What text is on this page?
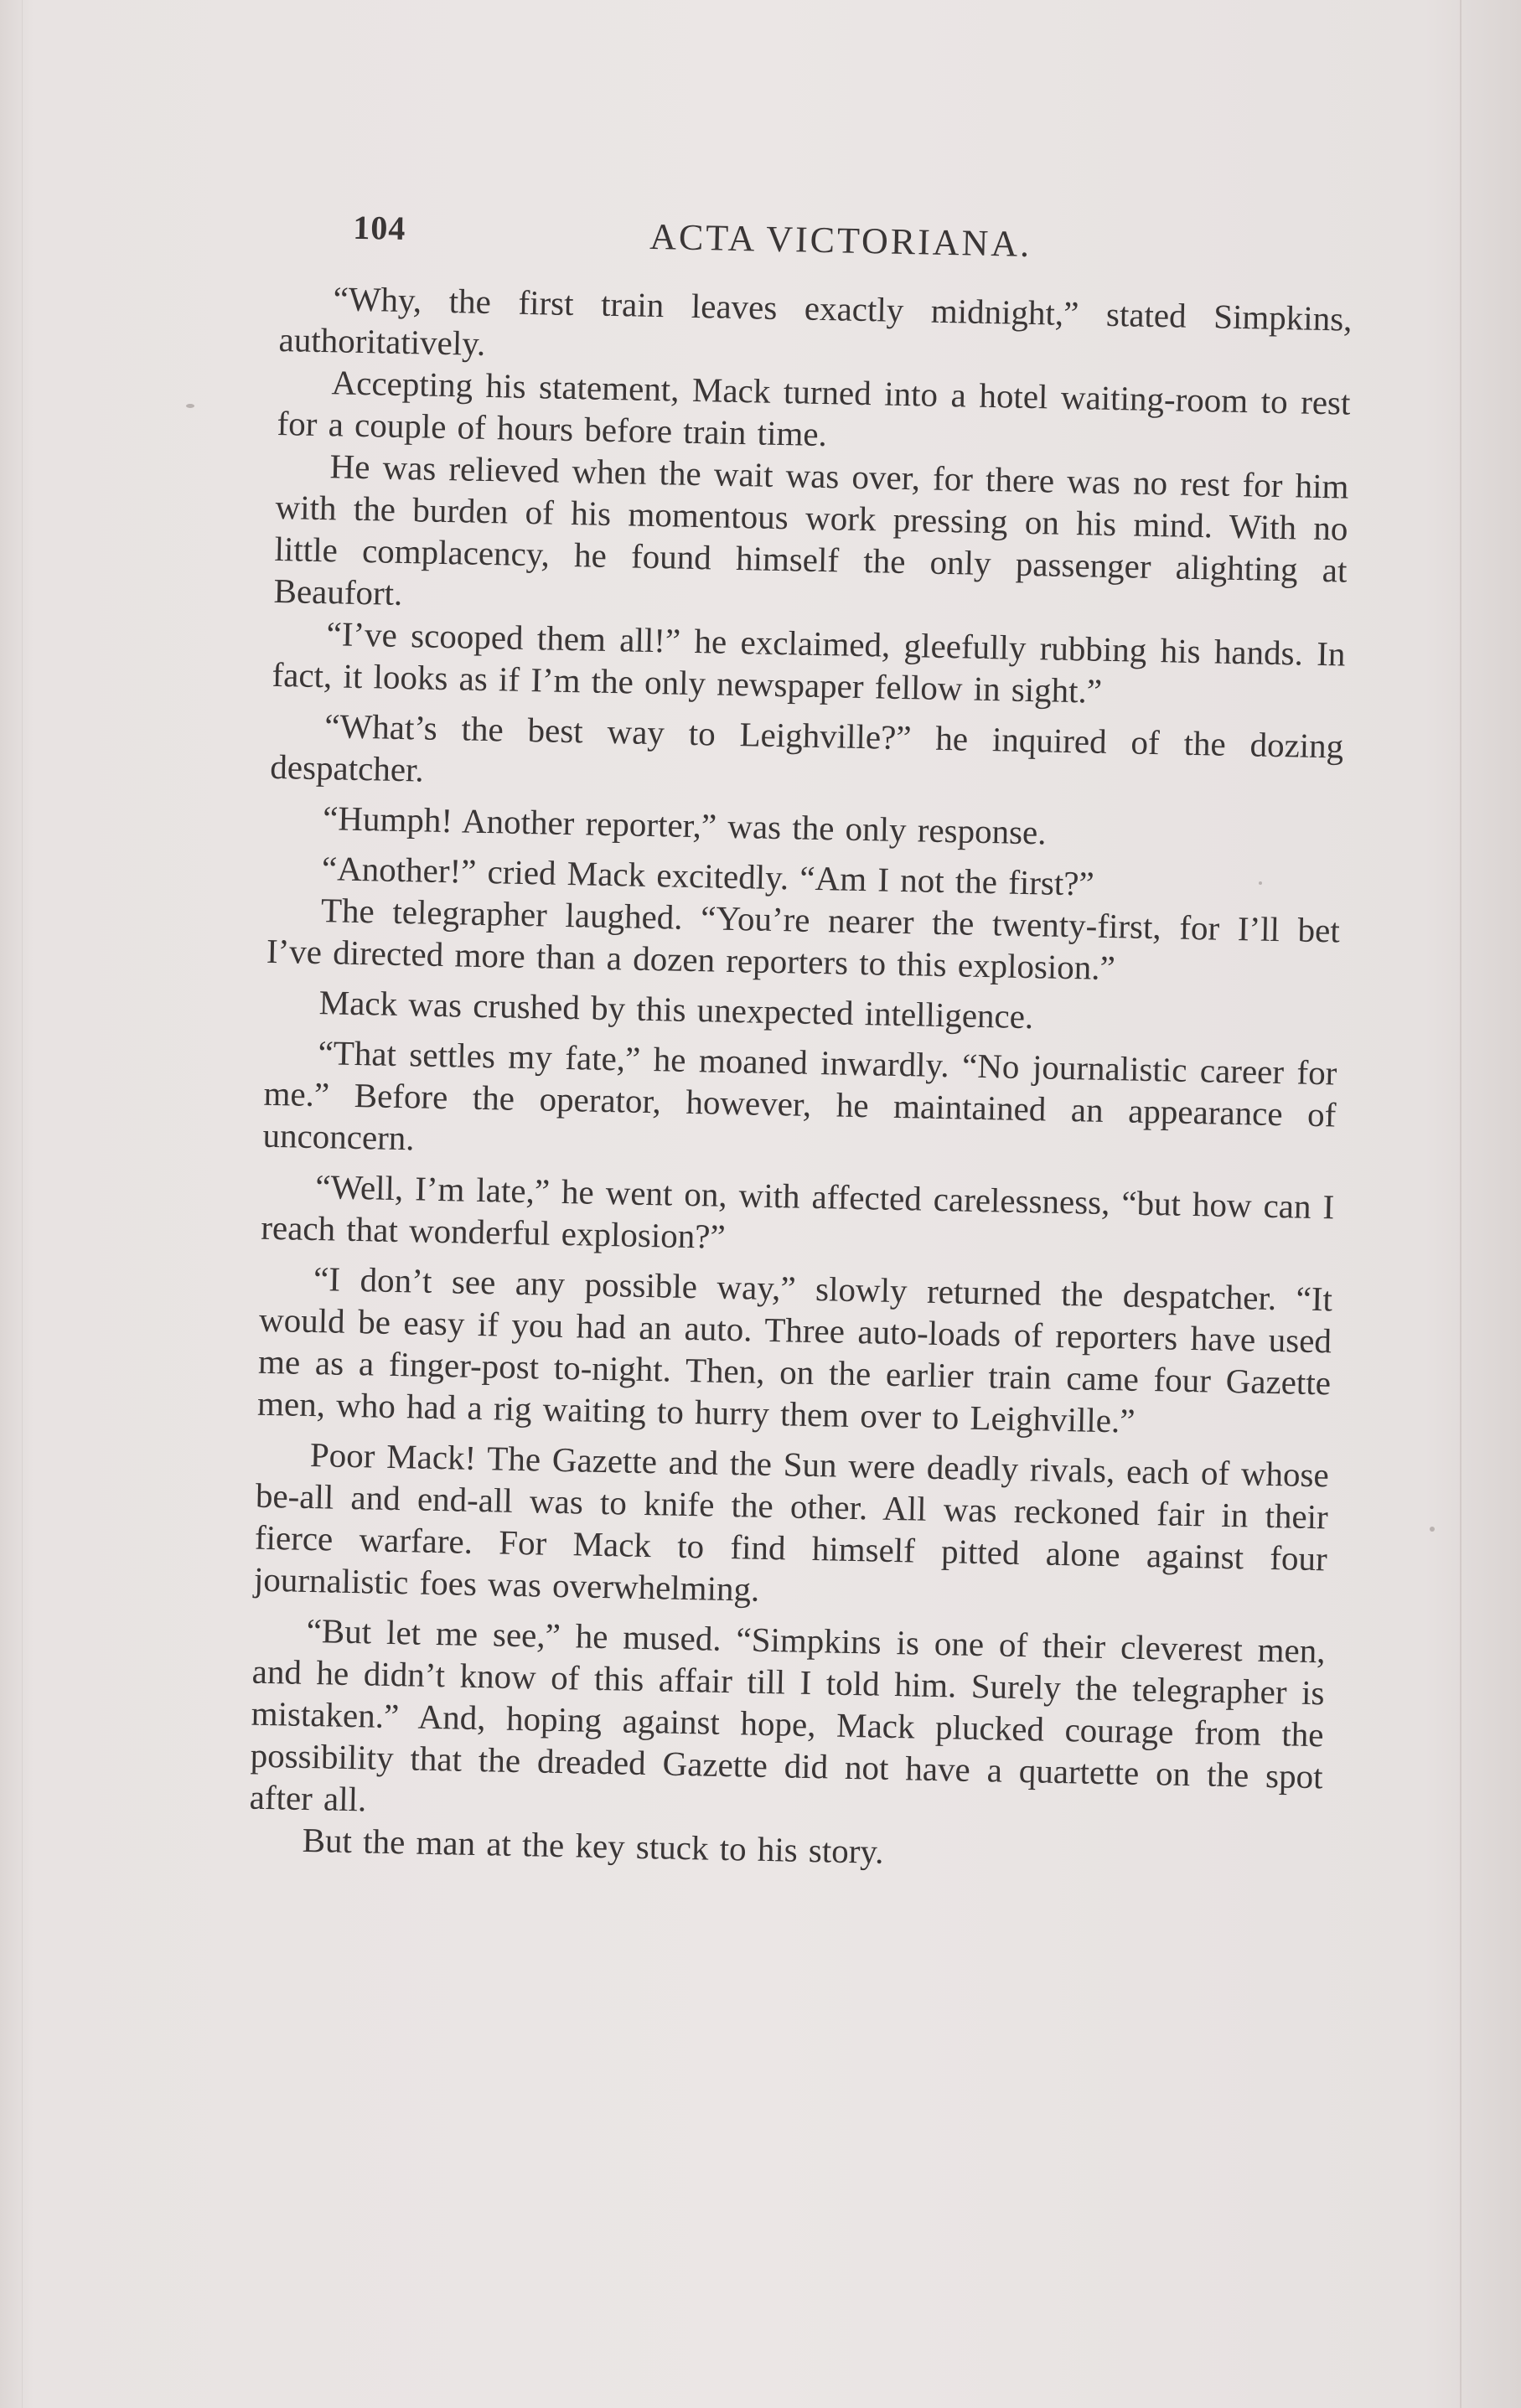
104	ACTA VICTORIANA.

“Why, the first train leaves exactly midnight,” stated Simpkins, authoritatively.

Accepting his statement, Mack turned into a hotel waiting-room to rest for a couple of hours before train time.

He was relieved when the wait was over, for there was no rest for him with the burden of his momentous work pressing on his mind. With no little complacency, he found himself the only passenger alighting at Beaufort.

“I’ve scooped them all!” he exclaimed, gleefully rubbing his hands. In fact, it looks as if I’m the only newspaper fellow in sight.”

“What’s the best way to Leighville?” he inquired of the dozing despatcher.

“Humph! Another reporter,” was the only response.

“Another!” cried Mack excitedly. “Am I not the first?”

The telegrapher laughed. “You’re nearer the twenty-first, for I’ll bet I’ve directed more than a dozen reporters to this explosion.”

Mack was crushed by this unexpected intelligence.

“That settles my fate,” he moaned inwardly. “No journalistic career for me.” Before the operator, however, he maintained an appearance of unconcern.

“Well, I’m late,” he went on, with affected carelessness, “but how can I reach that wonderful explosion?”

“I don’t see any possible way,” slowly returned the despatcher. “It would be easy if you had an auto. Three auto-loads of reporters have used me as a finger-post to-night. Then, on the earlier train came four Gazette men, who had a rig waiting to hurry them over to Leighville.”

Poor Mack! The Gazette and the Sun were deadly rivals, each of whose be-all and end-all was to knife the other. All was reckoned fair in their fierce warfare. For Mack to find himself pitted alone against four journalistic foes was overwhelming.

“But let me see,” he mused. “Simpkins is one of their cleverest men, and he didn’t know of this affair till I told him. Surely the telegrapher is mistaken.” And, hoping against hope, Mack plucked courage from the possibility that the dreaded Gazette did not have a quartette on the spot after all.

But the man at the key stuck to his story.
